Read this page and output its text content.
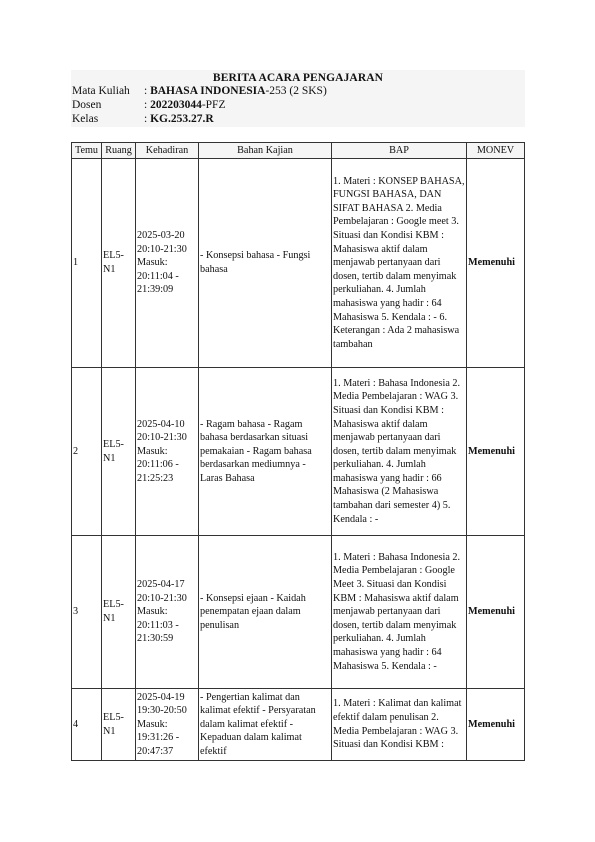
BERITA ACARA PENGAJARAN
Mata Kuliah : BAHASA INDONESIA-253 (2 SKS)
Dosen	: 202203044-PFZ
Kelas	: KG.253.27.R
Temu	Ruang	Kehadiran	Bahan Kajian	BAP	MONEV
1	EL5-N1	2025-03-20 20:10-21:30 Masuk: 20:11:04 - 21:39:09	- Konsepsi bahasa - Fungsi bahasa	1. Materi : KONSEP BAHASA, FUNGSI BAHASA, DAN SIFAT BAHASA 2. Media Pembelajaran : Google meet 3. Situasi dan Kondisi KBM : Mahasiswa aktif dalam menjawab pertanyaan dari dosen, tertib dalam menyimak perkuliahan. 4. Jumlah mahasiswa yang hadir : 64 Mahasiswa 5. Kendala : - 6. Keterangan : Ada 2 mahasiswa tambahan	Memenuhi
2	EL5-N1	2025-04-10 20:10-21:30 Masuk: 20:11:06 - 21:25:23	- Ragam bahasa - Ragam bahasa berdasarkan situasi pemakaian - Ragam bahasa berdasarkan mediumnya - Laras Bahasa	1. Materi : Bahasa Indonesia 2. Media Pembelajaran : WAG 3. Situasi dan Kondisi KBM : Mahasiswa aktif dalam menjawab pertanyaan dari dosen, tertib dalam menyimak perkuliahan. 4. Jumlah mahasiswa yang hadir : 66 Mahasiswa (2 Mahasiswa tambahan dari semester 4) 5. Kendala : -	Memenuhi
3	EL5-N1	2025-04-17 20:10-21:30 Masuk: 20:11:03 - 21:30:59	- Konsepsi ejaan - Kaidah penempatan ejaan dalam penulisan	1. Materi : Bahasa Indonesia 2. Media Pembelajaran : Google Meet 3. Situasi dan Kondisi KBM : Mahasiswa aktif dalam menjawab pertanyaan dari dosen, tertib dalam menyimak perkuliahan. 4. Jumlah mahasiswa yang hadir : 64 Mahasiswa 5. Kendala : -	Memenuhi
4	EL5-N1	2025-04-19 19:30-20:50 Masuk: 19:31:26 - 20:47:37	- Pengertian kalimat dan kalimat efektif - Persyaratan dalam kalimat efektif - Kepaduan dalam kalimat efektif	1. Materi : Kalimat dan kalimat efektif dalam penulisan 2. Media Pembelajaran : WAG 3. Situasi dan Kondisi KBM :	Memenuhi
